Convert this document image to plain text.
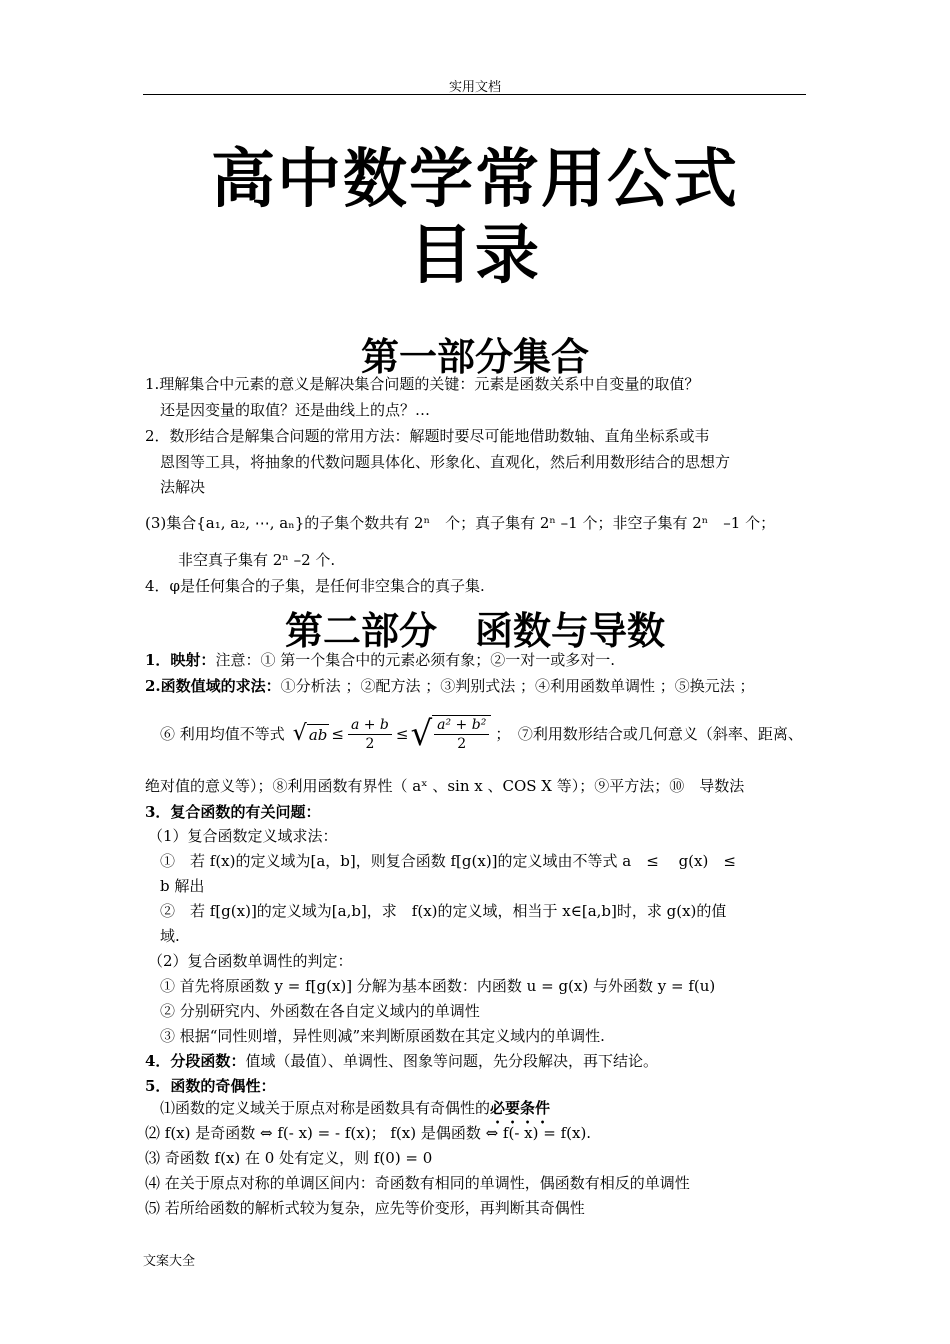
实用文档
高中数学常用公式
目录
第一部分集合
1.理解集合中元素的意义是解决集合问题的关键：元素是函数关系中自变量的取值？
还是因变量的取值？还是曲线上的点？…
2．数形结合是解集合问题的常用方法：解题时要尽可能地借助数轴、直角坐标系或韦
恩图等工具，将抽象的代数问题具体化、形象化、直观化，然后利用数形结合的思想方
法解决
(3)集合{a₁, a₂, ⋯, aₙ}的子集个数共有 2ⁿ　个；真子集有 2ⁿ –1 个；非空子集有 2ⁿ　–1 个；
非空真子集有 2ⁿ –2 个.
4．φ是任何集合的子集，是任何非空集合的真子集.
第二部分　函数与导数
1．映射：注意：① 第一个集合中的元素必须有象；②一对一或多对一.
2.函数值域的求法：①分析法 ；②配方法 ；③判别式法 ；④利用函数单调性 ；⑤换元法 ；
⑥ 利用均值不等式 √ ab ≤ $\frac{a + b}{2}$ ≤ √ $\frac{\text{a² + b²}}{2}$ ；　⑦利用数形结合或几何意义（斜率、距离、
绝对值的意义等）；⑧利用函数有界性（ aˣ 、sin x 、COS X 等）；⑨平方法；⑩　导数法
3．复合函数的有关问题：
（1）复合函数定义域求法：
①　若 f(x)的定义域为[a，b]，则复合函数 f[g(x)]的定义域由不等式 a　≤　 g(x)　≤
b 解出
②　若 f[g(x)]的定义域为[a,b]，求　f(x)的定义域，相当于 x∈[a,b]时，求 g(x)的值
域.
（2）复合函数单调性的判定：
① 首先将原函数 y = f[g(x)] 分解为基本函数：内函数 u = g(x) 与外函数 y = f(u)
② 分别研究内、外函数在各自定义域内的单调性
③ 根据“同性则增，异性则减”来判断原函数在其定义域内的单调性.
4．分段函数：值域（最值）、单调性、图象等问题，先分段解决，再下结论。
5．函数的奇偶性：
⑴函数的定义域关于原点对称是函数具有奇偶性的必要条件
⑵ f(x) 是奇函数 ⇔ f(- x) = - f(x)； f(x) 是偶函数 ⇔ f(- x) = f(x).
⑶ 奇函数 f(x) 在 0 处有定义，则 f(0) = 0
⑷ 在关于原点对称的单调区间内：奇函数有相同的单调性，偶函数有相反的单调性
⑸ 若所给函数的解析式较为复杂，应先等价变形，再判断其奇偶性
文案大全
